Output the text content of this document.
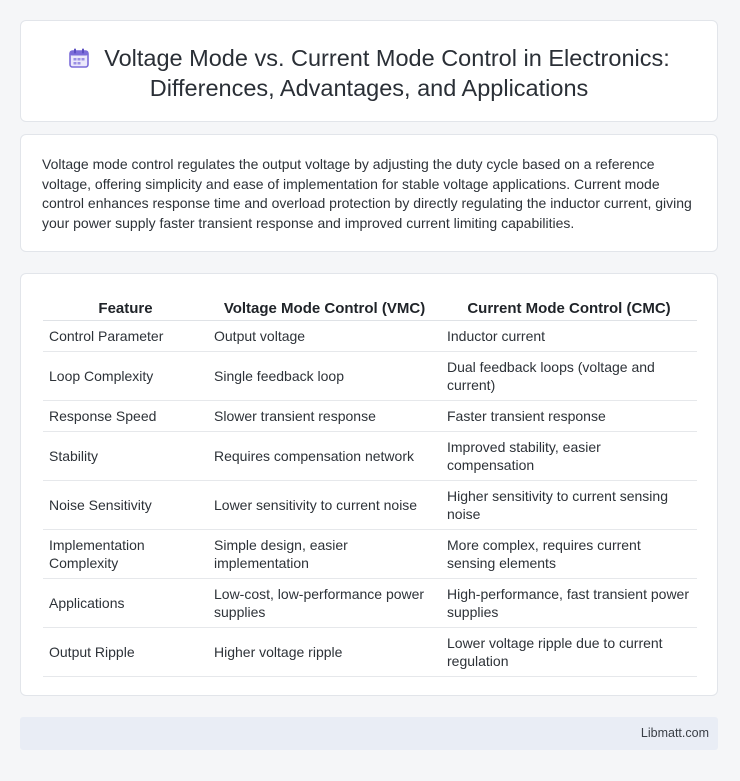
Voltage Mode vs. Current Mode Control in Electronics:
Differences, Advantages, and Applications

Voltage mode control regulates the output voltage by adjusting the duty cycle based on a reference voltage, offering simplicity and ease of implementation for stable voltage applications. Current mode control enhances response time and overload protection by directly regulating the inductor current, giving your power supply faster transient response and improved current limiting capabilities.

Feature	Voltage Mode Control (VMC)	Current Mode Control (CMC)
Control Parameter	Output voltage	Inductor current
Loop Complexity	Single feedback loop	Dual feedback loops (voltage and current)
Response Speed	Slower transient response	Faster transient response
Stability	Requires compensation network	Improved stability, easier compensation
Noise Sensitivity	Lower sensitivity to current noise	Higher sensitivity to current sensing noise
Implementation Complexity	Simple design, easier implementation	More complex, requires current sensing elements
Applications	Low-cost, low-performance power supplies	High-performance, fast transient power supplies
Output Ripple	Higher voltage ripple	Lower voltage ripple due to current regulation
Libmatt.com
